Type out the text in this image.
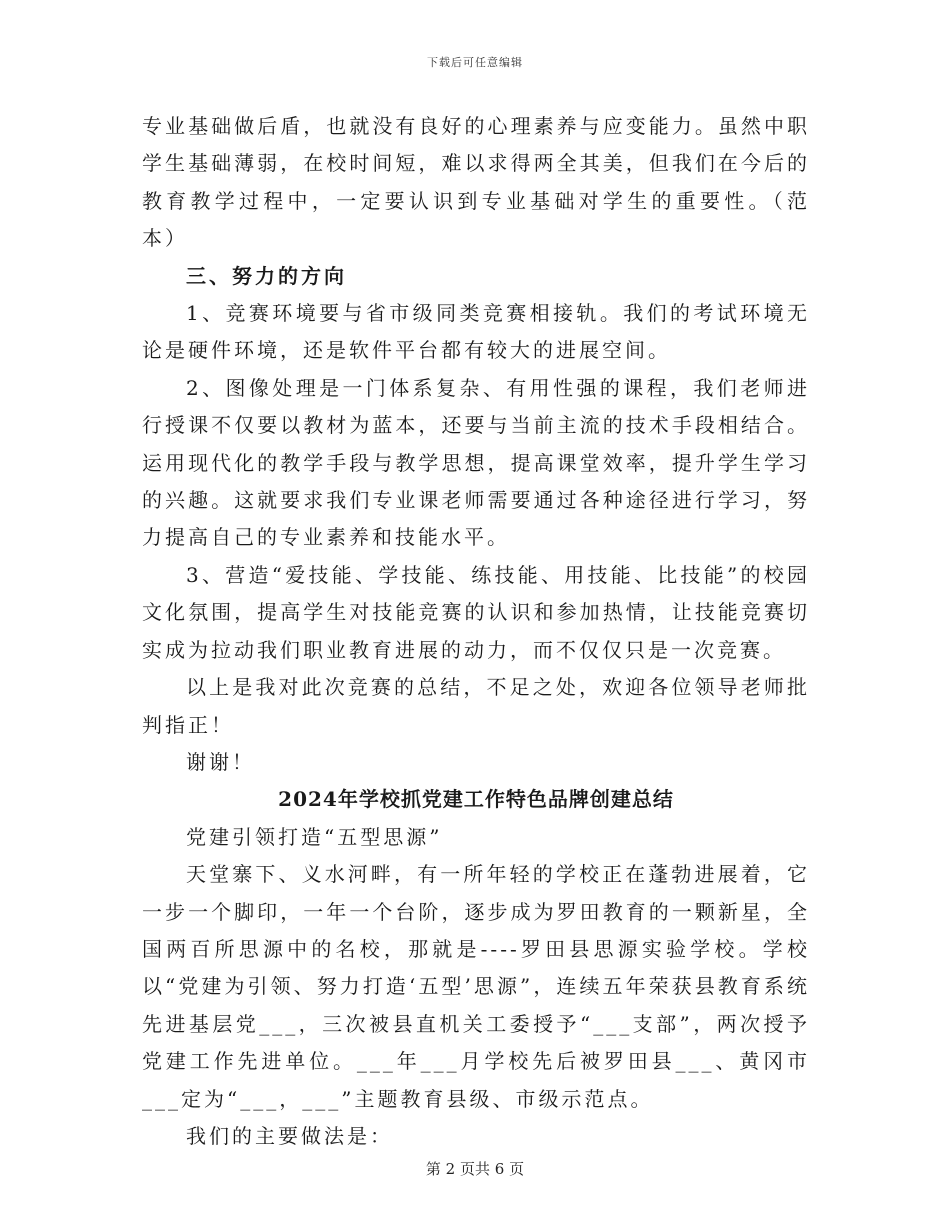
下载后可任意编辑

专业基础做后盾，也就没有良好的心理素养与应变能力。虽然中职学生基础薄弱，在校时间短，难以求得两全其美，但我们在今后的教育教学过程中，一定要认识到专业基础对学生的重要性。（范本）

三、努力的方向

1、竞赛环境要与省市级同类竞赛相接轨。我们的考试环境无论是硬件环境，还是软件平台都有较大的进展空间。

2、图像处理是一门体系复杂、有用性强的课程，我们老师进行授课不仅要以教材为蓝本，还要与当前主流的技术手段相结合。运用现代化的教学手段与教学思想，提高课堂效率，提升学生学习的兴趣。这就要求我们专业课老师需要通过各种途径进行学习，努力提高自己的专业素养和技能水平。

3、营造“爱技能、学技能、练技能、用技能、比技能”的校园文化氛围，提高学生对技能竞赛的认识和参加热情，让技能竞赛切实成为拉动我们职业教育进展的动力，而不仅仅只是一次竞赛。

以上是我对此次竞赛的总结，不足之处，欢迎各位领导老师批判指正！

谢谢！

2024年学校抓党建工作特色品牌创建总结

党建引领打造“五型思源”

天堂寨下、义水河畔，有一所年轻的学校正在蓬勃进展着，它一步一个脚印，一年一个台阶，逐步成为罗田教育的一颗新星，全国两百所思源中的名校，那就是----罗田县思源实验学校。学校以“党建为引领、努力打造‘五型’思源”，连续五年荣获县教育系统先进基层党___，三次被县直机关工委授予“___支部”，两次授予党建工作先进单位。___年___月学校先后被罗田县___、黄冈市___定为“___，___”主题教育县级、市级示范点。

我们的主要做法是：

第 2 页共 6 页
